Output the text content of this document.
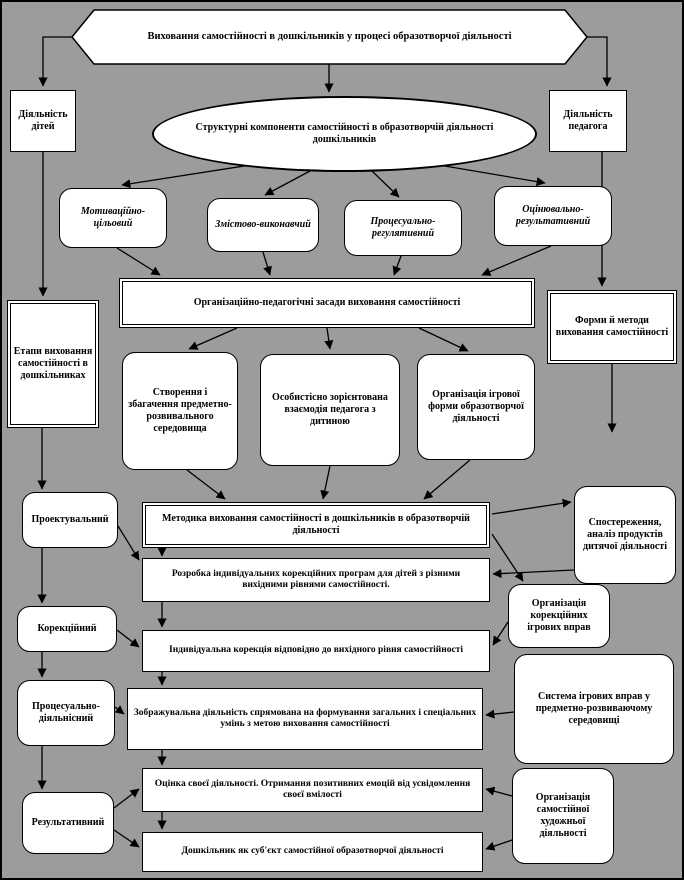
Виховання самостійності в дошкільників у процесі образотворчої діяльності
Діяльність дітей
Діяльність педагога
Структурні компоненти самостійності в образотворчій діяльності дошкільників
Мотиваційно-цільовий	Змістово-виконавчий	Процесуально-регулятивний
Оцінювально-результативний
Організаційно-педагогічні засади виховання самостійності
Етапи виховання самостійності в дошкільниках
Форми й методи виховання самостійності
Створення і збагачення предметно-розвивального середовища
Особистісно зорієнтована взаємодія педагога з дитиною
Організація ігрової форми образотворчої діяльності
Проектувальний
Корекційний
Процесуально-діяльнісний
Результативний
Методика виховання самостійності в дошкільників в образотворчій діяльності
Розробка індивідуальних корекційних програм для дітей з різними вихідними рівнями самостійності.
Індивідуальна корекція відповідно до вихідного рівня самостійності
Зображувальна діяльність спрямована на формування загальних і спеціальних умінь з метою виховання самостійності
Оцінка своєї діяльності. Отримання позитивних емоцій від усвідомлення своєї вмілості
Дошкільник як суб'єкт самостійної образотворчої діяльності
Спостереження, аналіз продуктів дитячої діяльності
Організація корекційних ігрових вправ
Система ігрових вправ у предметно-розвиваючому середовищі
Організація самостійної художньої діяльності
